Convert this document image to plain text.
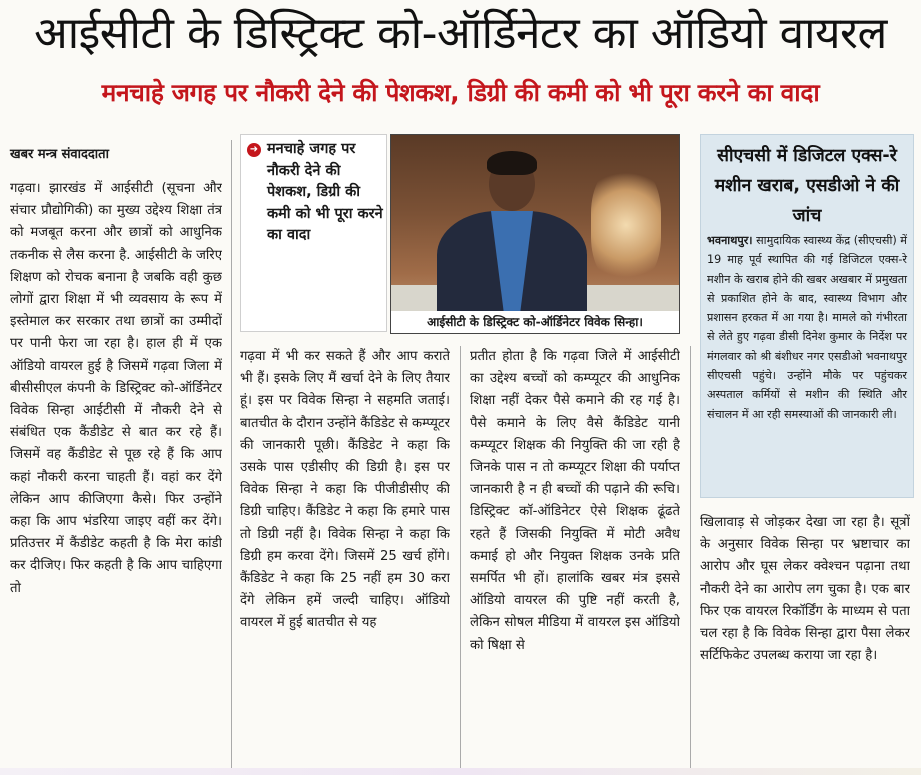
आईसीटी के डिस्ट्रिक्ट को-ऑर्डिनेटर का ऑडियो वायरल
मनचाहे जगह पर नौकरी देने की पेशकश, डिग्री की कमी को भी पूरा करने का वादा
खबर मन्त्र संवाददाता
गढ़वा। झारखंड में आईसीटी (सूचना और संचार प्रौद्योगिकी) का मुख्य उद्देश्य शिक्षा तंत्र को मजबूत करना और छात्रों को आधुनिक तकनीक से लैस करना है. आईसीटी के जरिए शिक्षण को रोचक बनाना है जबकि वही कुछ लोगों द्वारा शिक्षा में भी व्यवसाय के रूप में इस्तेमाल कर सरकार तथा छात्रों का उम्मीदों पर पानी फेरा जा रहा है। हाल ही में एक ऑडियो वायरल हुई है जिसमें गढ़वा जिला में बीसीसीएल कंपनी के डिस्ट्रिक्ट को-ऑर्डिनेटर विवेक सिन्हा आईटीसी में नौकरी देने से संबंधित एक कैंडीडेट से बात कर रहे हैं। जिसमें वह कैंडीडेट से पूछ रहे हैं कि आप कहां नौकरी करना चाहती हैं। वहां कर देंगे लेकिन आप कीजिएगा कैसे। फिर उन्होंने कहा कि आप भंडरिया जाइए वहीं कर देंगे। प्रतिउत्तर में कैंडीडेट कहती है कि मेरा कांडी कर दीजिए। फिर कहती है कि आप चाहिएगा तो
➜ मनचाहे जगह पर नौकरी देने की पेशकश, डिग्री की कमी को भी पूरा करने का वादा
आईसीटी के डिस्ट्रिक्ट को-ऑर्डिनेटर विवेक सिन्हा।
सीएचसी में डिजिटल एक्स-रे मशीन खराब, एसडीओ ने की जांच
भवनाथपुर। सामुदायिक स्वास्थ्य केंद्र (सीएचसी) में 19 माह पूर्व स्थापित की गई डिजिटल एक्स-रे मशीन के खराब होने की खबर अखबार में प्रमुखता से प्रकाशित होने के बाद, स्वास्थ्य विभाग और प्रशासन हरकत में आ गया है। मामले को गंभीरता से लेते हुए गढ़वा डीसी दिनेश कुमार के निर्देश पर मंगलवार को श्री बंशीधर नगर एसडीओ भवनाथपुर सीएचसी पहुंचे। उन्होंने मौके पर पहुंचकर अस्पताल कर्मियों से मशीन की स्थिति और संचालन में आ रही समस्याओं की जानकारी ली।
गढ़वा में भी कर सकते हैं और आप कराते भी हैं। इसके लिए मैं खर्चा देने के लिए तैयार हूं। इस पर विवेक सिन्हा ने सहमति जताई। बातचीत के दौरान उन्होंने कैंडिडेट से कम्प्यूटर की जानकारी पूछी। कैंडिडेट ने कहा कि उसके पास एडीसीए की डिग्री है। इस पर विवेक सिन्हा ने कहा कि पीजीडीसीए की डिग्री चाहिए। कैंडिडेट ने कहा कि हमारे पास तो डिग्री नहीं है। विवेक सिन्हा ने कहा कि डिग्री हम करवा देंगे। जिसमें 25 खर्च होंगे। कैंडिडेट ने कहा कि 25 नहीं हम 30 करा देंगे लेकिन हमें जल्दी चाहिए। ऑडियो वायरल में हुई बातचीत से यह
प्रतीत होता है कि गढ़वा जिले में आईसीटी का उद्देश्य बच्चों को कम्प्यूटर की आधुनिक शिक्षा नहीं देकर पैसे कमाने की रह गई है। पैसे कमाने के लिए वैसे कैंडिडेट यानी कम्प्यूटर शिक्षक की नियुक्ति की जा रही है जिनके पास न तो कम्प्यूटर शिक्षा की पर्याप्त जानकारी है न ही बच्चों की पढ़ाने की रूचि। डिस्ट्रिक्ट कॉ-ऑडिनेटर ऐसे शिक्षक ढूंढते रहते हैं जिसकी नियुक्ति में मोटी अवैध कमाई हो और नियुक्त शिक्षक उनके प्रति समर्पित भी हों। हालांकि खबर मंत्र इससे ऑडियो वायरल की पुष्टि नहीं करती है, लेकिन सोषल मीडिया में वायरल इस ऑडियो को षिक्षा से
खिलावाड़ से जोड़कर देखा जा रहा है। सूत्रों के अनुसार विवेक सिन्हा पर भ्रष्टाचार का आरोप और घूस लेकर क्वेश्चन पढ़ाना तथा नौकरी देने का आरोप लग चुका है। एक बार फिर एक वायरल रिकॉर्डिंग के माध्यम से पता चल रहा है कि विवेक सिन्हा द्वारा पैसा लेकर सर्टिफिकेट उपलब्ध कराया जा रहा है।
